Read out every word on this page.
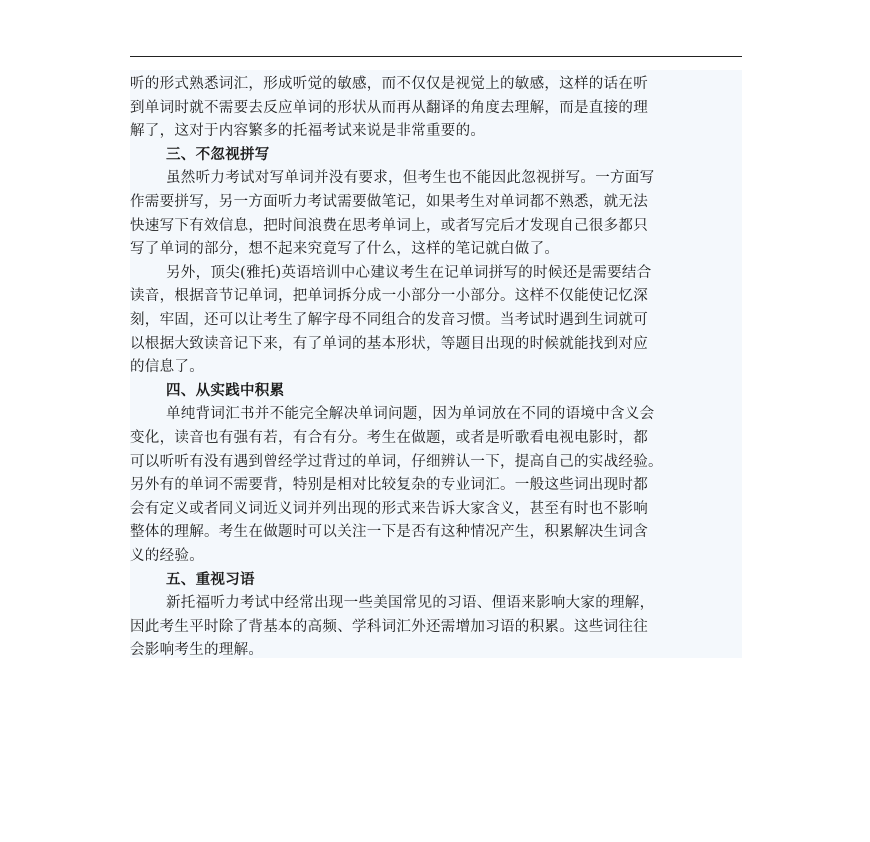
听的形式熟悉词汇，形成听觉的敏感，而不仅仅是视觉上的敏感，这样的话在听
到单词时就不需要去反应单词的形状从而再从翻译的角度去理解，而是直接的理
解了，这对于内容繁多的托福考试来说是非常重要的。
三、不忽视拼写
虽然听力考试对写单词并没有要求，但考生也不能因此忽视拼写。一方面写
作需要拼写，另一方面听力考试需要做笔记，如果考生对单词都不熟悉，就无法
快速写下有效信息，把时间浪费在思考单词上，或者写完后才发现自己很多都只
写了单词的部分，想不起来究竟写了什么，这样的笔记就白做了。
另外，顶尖(雅托)英语培训中心建议考生在记单词拼写的时候还是需要结合
读音，根据音节记单词，把单词拆分成一小部分一小部分。这样不仅能使记忆深
刻，牢固，还可以让考生了解字母不同组合的发音习惯。当考试时遇到生词就可
以根据大致读音记下来，有了单词的基本形状，等题目出现的时候就能找到对应
的信息了。
四、从实践中积累
单纯背词汇书并不能完全解决单词问题，因为单词放在不同的语境中含义会
变化，读音也有强有若，有合有分。考生在做题，或者是听歌看电视电影时，都
可以听听有没有遇到曾经学过背过的单词，仔细辨认一下，提高自己的实战经验。
另外有的单词不需要背，特别是相对比较复杂的专业词汇。一般这些词出现时都
会有定义或者同义词近义词并列出现的形式来告诉大家含义，甚至有时也不影响
整体的理解。考生在做题时可以关注一下是否有这种情况产生，积累解决生词含
义的经验。
五、重视习语
新托福听力考试中经常出现一些美国常见的习语、俚语来影响大家的理解，
因此考生平时除了背基本的高频、学科词汇外还需增加习语的积累。这些词往往
会影响考生的理解。
